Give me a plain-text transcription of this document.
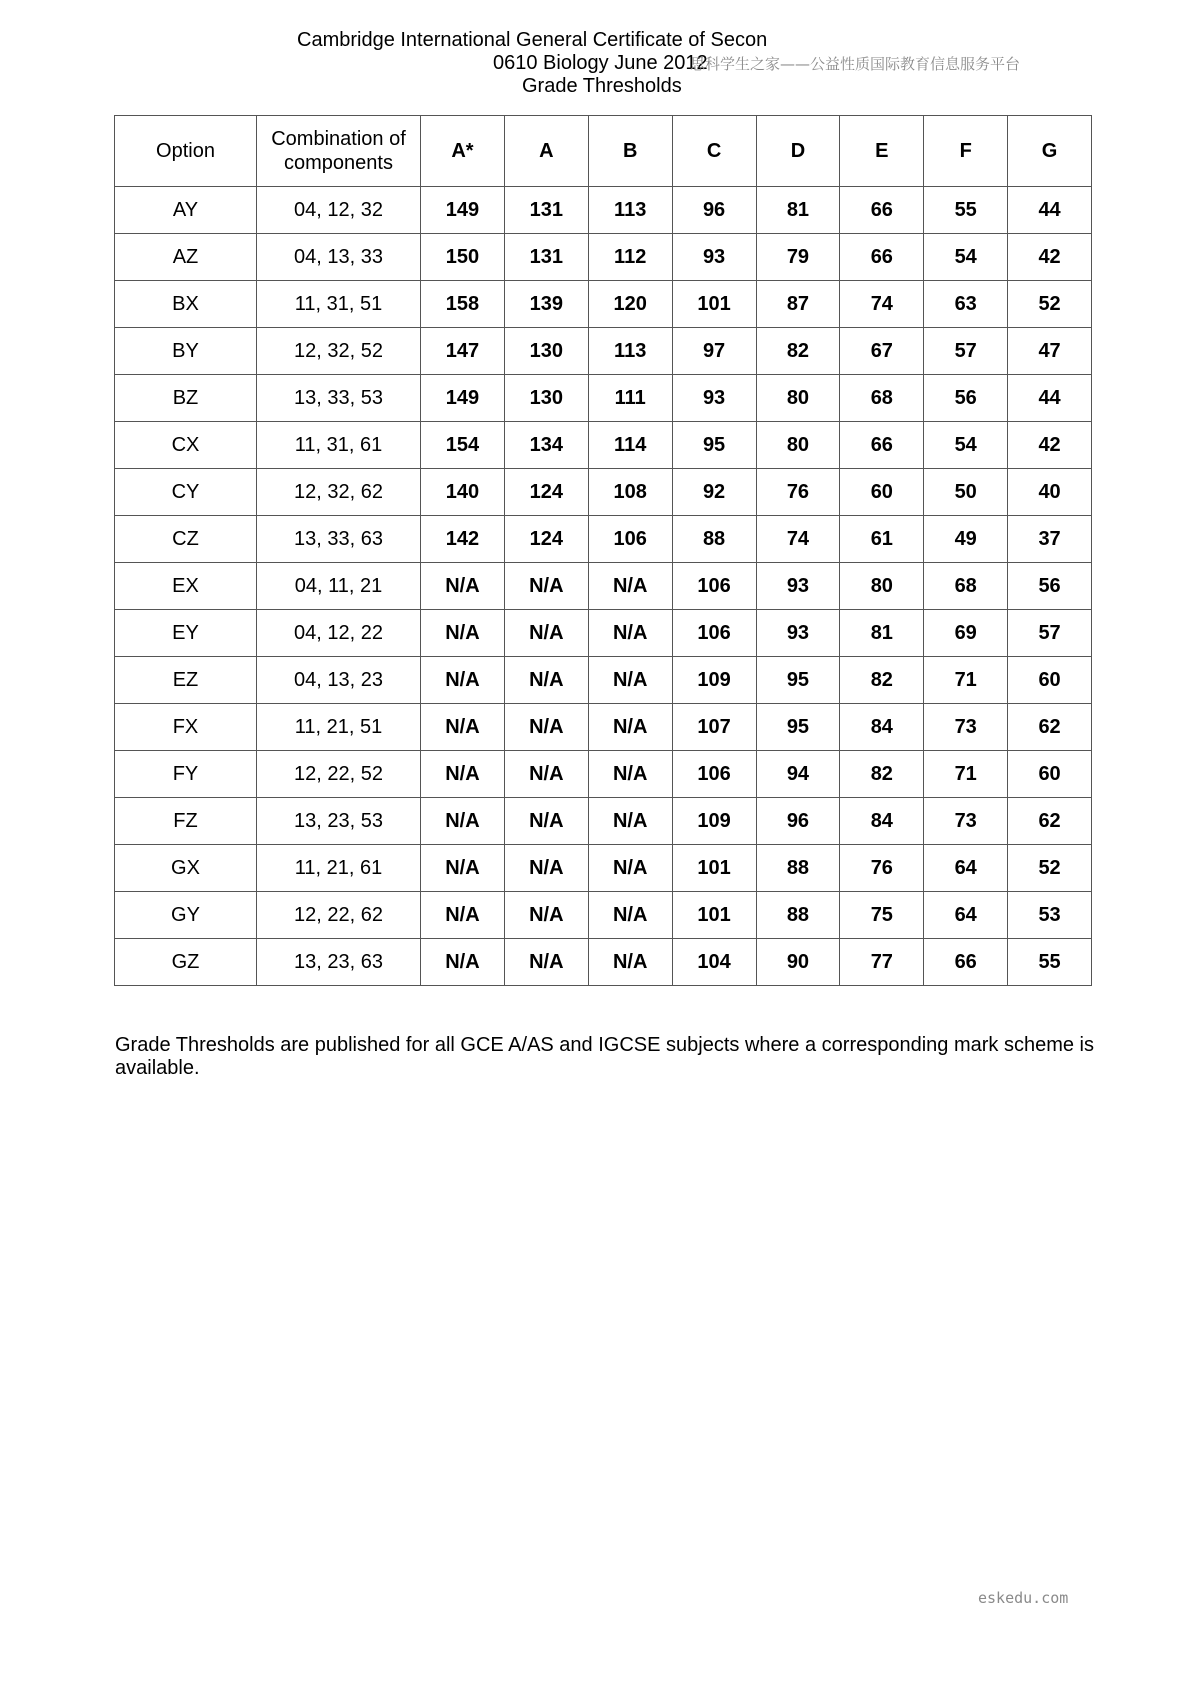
Cambridge International General Certificate of Secon
0610 Biology June 2012
Grade Thresholds
思科学生之家——公益性质国际教育信息服务平台
Option	Combination of components	A*	A	B	C	D	E	F	G
AY	04, 12, 32	149	131	113	96	81	66	55	44
AZ	04, 13, 33	150	131	112	93	79	66	54	42
BX	11, 31, 51	158	139	120	101	87	74	63	52
BY	12, 32, 52	147	130	113	97	82	67	57	47
BZ	13, 33, 53	149	130	111	93	80	68	56	44
CX	11, 31, 61	154	134	114	95	80	66	54	42
CY	12, 32, 62	140	124	108	92	76	60	50	40
CZ	13, 33, 63	142	124	106	88	74	61	49	37
EX	04, 11, 21	N/A	N/A	N/A	106	93	80	68	56
EY	04, 12, 22	N/A	N/A	N/A	106	93	81	69	57
EZ	04, 13, 23	N/A	N/A	N/A	109	95	82	71	60
FX	11, 21, 51	N/A	N/A	N/A	107	95	84	73	62
FY	12, 22, 52	N/A	N/A	N/A	106	94	82	71	60
FZ	13, 23, 53	N/A	N/A	N/A	109	96	84	73	62
GX	11, 21, 61	N/A	N/A	N/A	101	88	76	64	52
GY	12, 22, 62	N/A	N/A	N/A	101	88	75	64	53
GZ	13, 23, 63	N/A	N/A	N/A	104	90	77	66	55
Grade Thresholds are published for all GCE A/AS and IGCSE subjects where a corresponding mark scheme is available.
eskedu.com
